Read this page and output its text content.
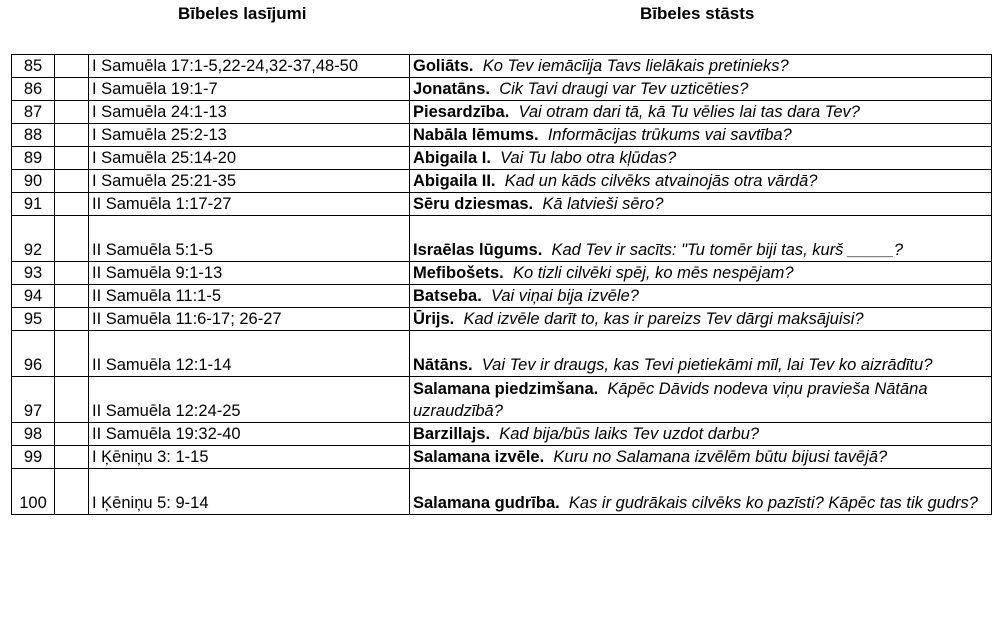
Bībeles lasījumi	Bībeles stāsts
85		I Samuēla 17:1-5,22-24,32-37,48-50	Goliāts. Ko Tev iemācīija Tavs lielākais pretinieks?
86		I Samuēla 19:1-7	Jonatāns. Cik Tavi draugi var Tev uzticēties?
87		I Samuēla 24:1-13	Piesardzība. Vai otram dari tā, kā Tu vēlies lai tas dara Tev?
88		I Samuēla 25:2-13	Nabāla lēmums. Informācijas trūkums vai savtība?
89		I Samuēla 25:14-20	Abigaila I. Vai Tu labo otra kļūdas?
90		I Samuēla 25:21-35	Abigaila II. Kad un kāds cilvēks atvainojās otra vārdā?
91		II Samuēla 1:17-27	Sēru dziesmas. Kā latvieši sēro?
92		II Samuēla 5:1-5	Israēlas lūgums. Kad Tev ir sacīts: "Tu tomēr biji tas, kurš _____?
93		II Samuēla 9:1-13	Mefibošets. Ko tizli cilvēki spēj, ko mēs nespējam?
94		II Samuēla 11:1-5	Batseba. Vai viņai bija izvēle?
95		II Samuēla 11:6-17; 26-27	Ūrijs. Kad izvēle darīt to, kas ir pareizs Tev dārgi maksājuisi?
96		II Samuēla 12:1-14	Nātāns. Vai Tev ir draugs, kas Tevi pietiekāmi mīl, lai Tev ko aizrādītu?
97		II Samuēla 12:24-25	Salamana piedzimšana. Kāpēc Dāvids nodeva viņu pravieša Nātāna uzraudzībā?
98		II Samuēla 19:32-40	Barzillajs. Kad bija/būs laiks Tev uzdot darbu?
99		I Ķēniņu 3: 1-15	Salamana izvēle. Kuru no Salamana izvēlēm būtu bijusi tavējā?
100		I Ķēniņu 5: 9-14	Salamana gudrība. Kas ir gudrākais cilvēks ko pazīsti? Kāpēc tas tik gudrs?
